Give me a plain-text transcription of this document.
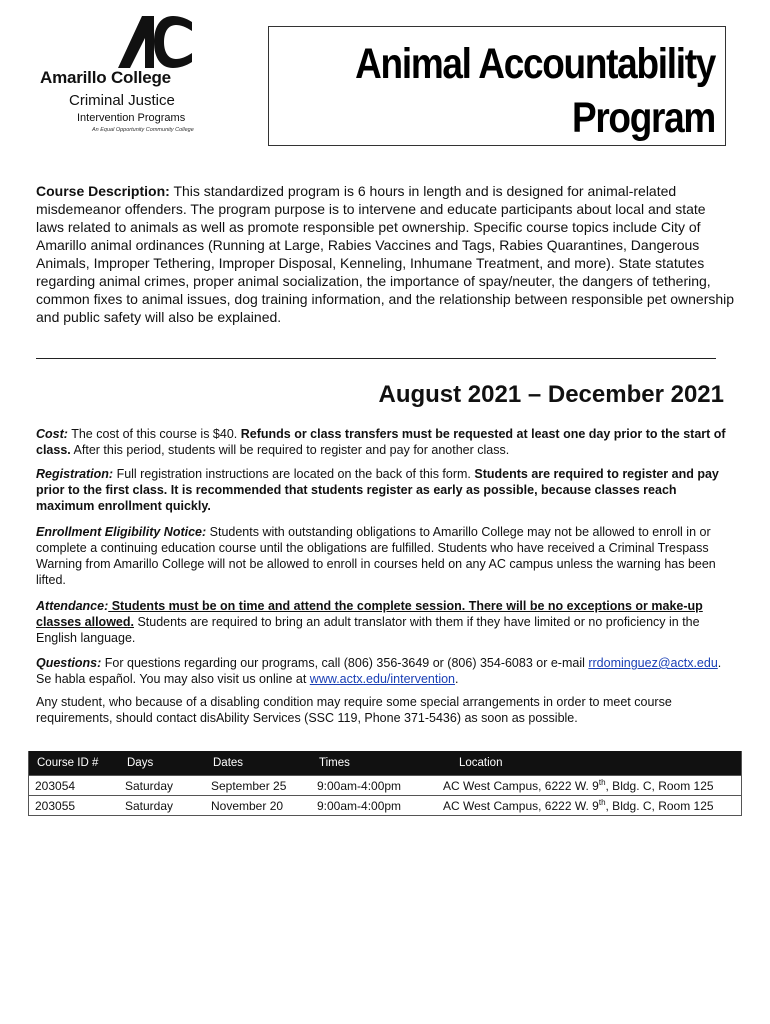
Amarillo College
Criminal Justice
Intervention Programs
An Equal Opportunity Community College
Animal Accountability
Program
Course Description: This standardized program is 6 hours in length and is designed for animal-related misdemeanor offenders. The program purpose is to intervene and educate participants about local and state laws related to animals as well as promote responsible pet ownership. Specific course topics include City of Amarillo animal ordinances (Running at Large, Rabies Vaccines and Tags, Rabies Quarantines, Dangerous Animals, Improper Tethering, Improper Disposal, Kenneling, Inhumane Treatment, and more). State statutes regarding animal crimes, proper animal socialization, the importance of spay/neuter, the dangers of tethering, common fixes to animal issues, dog training information, and the relationship between responsible pet ownership and public safety will also be explained.
August 2021 – December 2021
Cost: The cost of this course is $40. Refunds or class transfers must be requested at least one day prior to the start of class. After this period, students will be required to register and pay for another class.
Registration: Full registration instructions are located on the back of this form. Students are required to register and pay prior to the first class. It is recommended that students register as early as possible, because classes reach maximum enrollment quickly.
Enrollment Eligibility Notice: Students with outstanding obligations to Amarillo College may not be allowed to enroll in or complete a continuing education course until the obligations are fulfilled. Students who have received a Criminal Trespass Warning from Amarillo College will not be allowed to enroll in courses held on any AC campus unless the warning has been lifted.
Attendance: Students must be on time and attend the complete session. There will be no exceptions or make-up classes allowed. Students are required to bring an adult translator with them if they have limited or no proficiency in the English language.
Questions: For questions regarding our programs, call (806) 356-3649 or (806) 354-6083 or e-mail rrdominguez@actx.edu. Se habla español. You may also visit us online at www.actx.edu/intervention.
Any student, who because of a disabling condition may require some special arrangements in order to meet course requirements, should contact disAbility Services (SSC 119, Phone 371-5436) as soon as possible.
Course ID #	Days	Dates	Times	Location
203054	Saturday	September 25	9:00am-4:00pm	AC West Campus, 6222 W. 9th, Bldg. C, Room 125
203055	Saturday	November 20	9:00am-4:00pm	AC West Campus, 6222 W. 9th, Bldg. C, Room 125
